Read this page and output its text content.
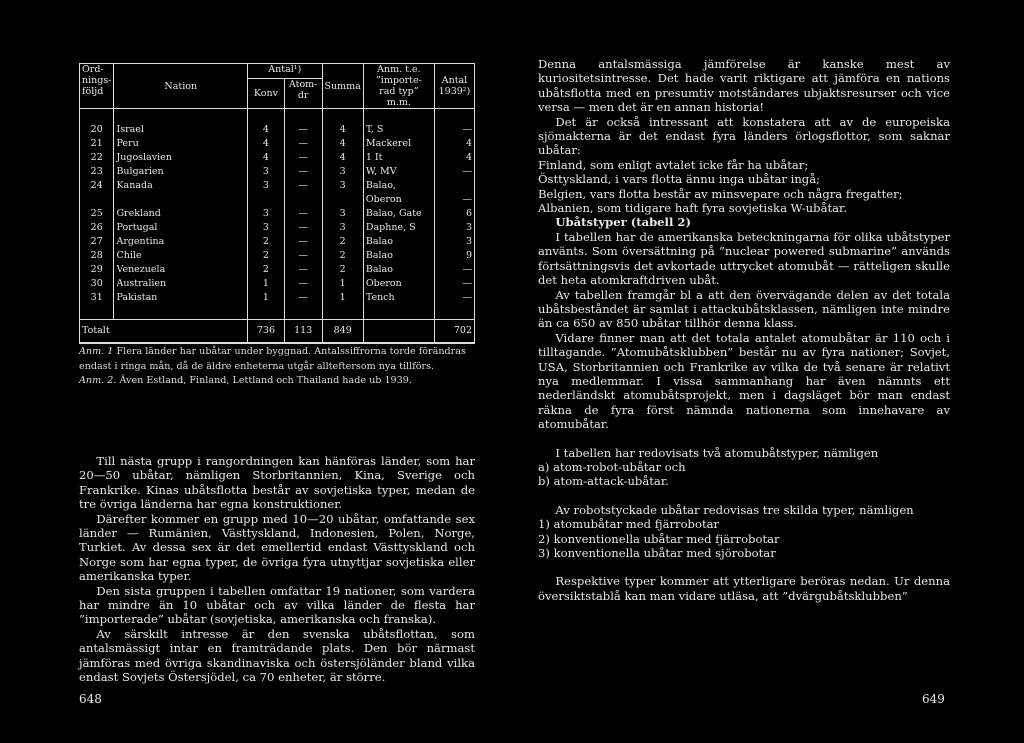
Ord-
nings-
följd	Nation	Antal¹)		Summa	Anm. t.e.
”importe-
rad typ”
m.m.	Antal
1939²)
		Konv	Atom-
dr			

20	Israel	4	—	4	T, S	—
21	Peru	4	—	4	Mackerel	4
22	Jugoslavien	4	—	4	1 It	4
23	Bulgarien	3	—	3	W, MV	—
24	Kanada	3	—	3	Balao,	
					Oberon	—
25	Grekland	3	—	3	Balao, Gate	6
26	Portugal	3	—	3	Daphne, S	3
27	Argentina	2	—	2	Balao	3
28	Chile	2	—	2	Balao	9
29	Venezuela	2	—	2	Balao	—
30	Australien	1	—	1	Oberon	—
31	Pakistan	1	—	1	Tench	—

Totalt		736	113	849		702

Anm. 1 Flera länder har ubåtar under byggnad. Antalssiffrorna torde förändras endast i ringa mån, då de äldre enheterna utgår allteftersom nya tillförs.

Anm. 2. Även Estland, Finland, Lettland och Thailand hade ub 1939.

Till nästa grupp i rangordningen kan hänföras länder, som har 20—50 ubåtar, nämligen Storbritannien, Kina, Sverige och Frankrike. Kinas ubåtsflotta består av sovjetiska typer, medan de tre övriga länderna har egna konstruktioner.

Därefter kommer en grupp med 10—20 ubåtar, omfattande sex länder — Rumänien, Västtyskland, Indonesien, Polen, Norge, Turkiet. Av dessa sex är det emellertid endast Västtyskland och Norge som har egna typer, de övriga fyra utnyttjar sovjetiska eller amerikanska typer.

Den sista gruppen i tabellen omfattar 19 nationer, som vardera har mindre än 10 ubåtar och av vilka länder de flesta har ”importerade” ubåtar (sovjetiska, amerikanska och franska).

Av särskilt intresse är den svenska ubåtsflottan, som antalsmässigt intar en framträdande plats. Den bör närmast jämföras med övriga skandinaviska och östersjöländer bland vilka endast Sovjets Östersjödel, ca 70 enheter, är större.

648

Denna antalsmässiga jämförelse är kanske mest av kuriositetsintresse. Det hade varit riktigare att jämföra en nations ubåtsflotta med en presumtiv motståndares ubjaktsresurser och vice versa — men det är en annan historia!

Det är också intressant att konstatera att av de europeiska sjömakterna är det endast fyra länders örlogsflottor, som saknar ubåtar:

Finland, som enligt avtalet icke får ha ubåtar;

Östtyskland, i vars flotta ännu inga ubåtar ingå;

Belgien, vars flotta består av minsvepare och några fregatter;

Albanien, som tidigare haft fyra sovjetiska W-ubåtar.

Ubåtstyper (tabell 2)

I tabellen har de amerikanska beteckningarna för olika ubåtstyper använts. Som översättning på ”nuclear powered submarine” används förtsättningsvis det avkortade uttrycket atomubåt — rätteligen skulle det heta atomkraftdriven ubåt.

Av tabellen framgår bl a att den övervägande delen av det totala ubåtsbeståndet är samlat i attackubåtsklassen, nämligen inte mindre än ca 650 av 850 ubåtar tillhör denna klass.

Vidare finner man att det totala antalet atomubåtar är 110 och i tilltagande. ”Atomubåtsklubben” består nu av fyra nationer; Sovjet, USA, Storbritannien och Frankrike av vilka de två senare är relativt nya medlemmar. I vissa sammanhang har även nämnts ett nederländskt atomubåtsprojekt, men i dagsläget bör man endast räkna de fyra först nämnda nationerna som innehavare av atomubåtar.

I tabellen har redovisats två atomubåtstyper, nämligen

a) atom-robot-ubåtar och

b) atom-attack-ubåtar.

Av robotstyckade ubåtar redovisas tre skilda typer, nämligen

1) atomubåtar med fjärrobotar

2) konventionella ubåtar med fjärrobotar

3) konventionella ubåtar med sjörobotar

Respektive typer kommer att ytterligare beröras nedan. Ur denna översiktstablå kan man vidare utläsa, att ”dvärgubåtsklubben”

649
